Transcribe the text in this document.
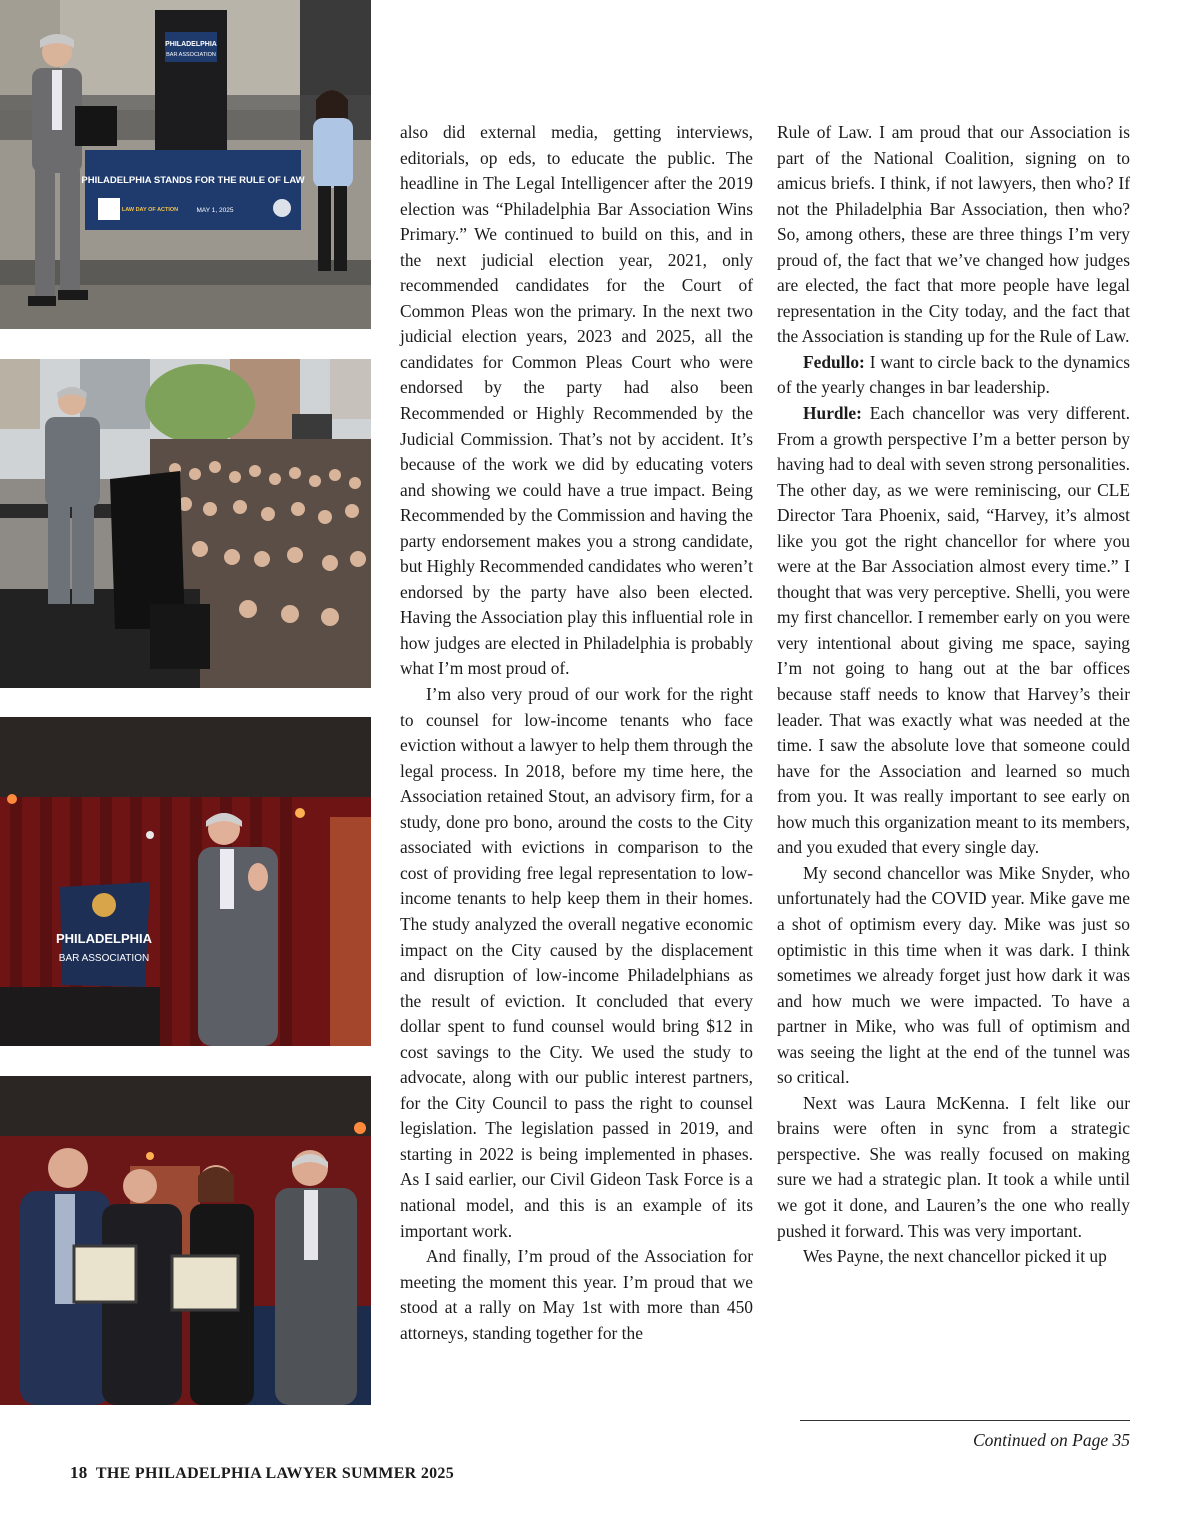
PHILADELPHIA
BAR ASSOCIATION
PHILADELPHIA STANDS FOR THE RULE OF LAW
LAW DAY OF ACTION	MAY 1, 2025
PHILADELPHIA
BAR ASSOCIATION

also did external media, getting interviews, editorials, op eds, to educate the public. The headline in The Legal Intelligencer after the 2019 election was “Philadelphia Bar Association Wins Primary.” We continued to build on this, and in the next judicial election year, 2021, only recommended candidates for the Court of Common Pleas won the primary. In the next two judicial election years, 2023 and 2025, all the candidates for Common Pleas Court who were endorsed by the party had also been Recommended or Highly Recommended by the Judicial Commission. That’s not by accident. It’s because of the work we did by educating voters and showing we could have a true impact. Being Recommended by the Commission and having the party endorsement makes you a strong candidate, but Highly Recommended candidates who weren’t endorsed by the party have also been elected. Having the Association play this influential role in how judges are elected in Philadelphia is probably what I’m most proud of.

I’m also very proud of our work for the right to counsel for low-income tenants who face eviction without a lawyer to help them through the legal process. In 2018, before my time here, the Association retained Stout, an advisory firm, for a study, done pro bono, around the costs to the City associated with evictions in comparison to the cost of providing free legal representation to low-income tenants to help keep them in their homes. The study analyzed the overall negative economic impact on the City caused by the displacement and disruption of low-income Philadelphians as the result of eviction. It concluded that every dollar spent to fund counsel would bring $12 in cost savings to the City. We used the study to advocate, along with our public interest partners, for the City Council to pass the right to counsel legislation. The legislation passed in 2019, and starting in 2022 is being implemented in phases. As I said earlier, our Civil Gideon Task Force is a national model, and this is an example of its important work.

And finally, I’m proud of the Association for meeting the moment this year. I’m proud that we stood at a rally on May 1st with more than 450 attorneys, standing together for the

Rule of Law. I am proud that our Association is part of the National Coalition, signing on to amicus briefs. I think, if not lawyers, then who? If not the Philadelphia Bar Association, then who? So, among others, these are three things I’m very proud of, the fact that we’ve changed how judges are elected, the fact that more people have legal representation in the City today, and the fact that the Association is standing up for the Rule of Law.

Fedullo: I want to circle back to the dynamics of the yearly changes in bar leadership.

Hurdle: Each chancellor was very different. From a growth perspective I’m a better person by having had to deal with seven strong personalities. The other day, as we were reminiscing, our CLE Director Tara Phoenix, said, “Harvey, it’s almost like you got the right chancellor for where you were at the Bar Association almost every time.” I thought that was very perceptive. Shelli, you were my first chancellor. I remember early on you were very intentional about giving me space, saying I’m not going to hang out at the bar offices because staff needs to know that Harvey’s their leader. That was exactly what was needed at the time. I saw the absolute love that someone could have for the Association and learned so much from you. It was really important to see early on how much this organization meant to its members, and you exuded that every single day.

My second chancellor was Mike Snyder, who unfortunately had the COVID year. Mike gave me a shot of optimism every day. Mike was just so optimistic in this time when it was dark. I think sometimes we already forget just how dark it was and how much we were impacted. To have a partner in Mike, who was full of optimism and was seeing the light at the end of the tunnel was so critical.

Next was Laura McKenna. I felt like our brains were often in sync from a strategic perspective. She was really focused on making sure we had a strategic plan. It took a while until we got it done, and Lauren’s the one who really pushed it forward. This was very important.

Wes Payne, the next chancellor picked it up

Continued on Page 35
18 THE PHILADELPHIA LAWYER SUMMER 2025
